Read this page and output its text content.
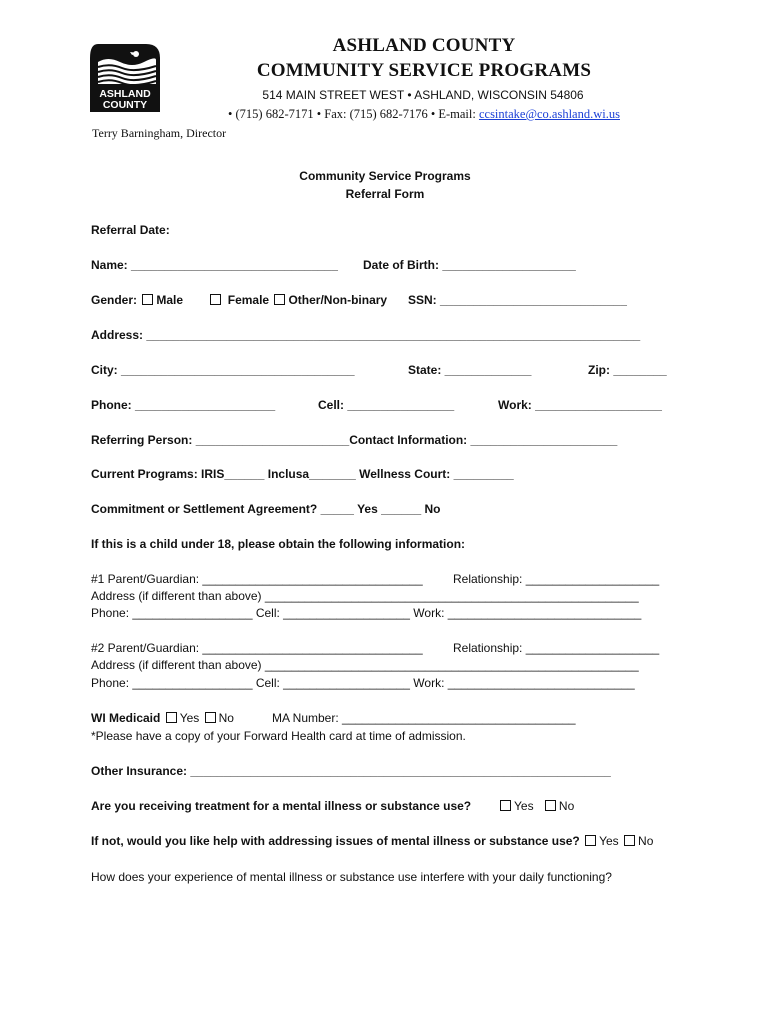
ASHLAND
COUNTY
ASHLAND COUNTY
COMMUNITY SERVICE PROGRAMS
514 MAIN STREET WEST • ASHLAND, WISCONSIN 54806
• (715) 682-7171 • Fax: (715) 682-7176 • E-mail: ccsintake@co.ashland.wi.us
Terry Barningham, Director
Community Service Programs
Referral Form
Referral Date:
Name: _______________________________ Date of Birth: ____________________
Gender: Male	Female Other/Non-binary SSN: ____________________________
Address: __________________________________________________________________________
City: ___________________________________	State: _____________	Zip: ________
Phone: _____________________	Cell: ________________	Work: ___________________
Referring Person: _______________________Contact Information: ______________________
Current Programs: IRIS______ Inclusa_______ Wellness Court: _________
Commitment or Settlement Agreement? _____ Yes ______ No
If this is a child under 18, please obtain the following information:
#1 Parent/Guardian: _________________________________	Relationship: ____________________
Address (if different than above) ________________________________________________________
Phone: __________________ Cell: ___________________ Work: _____________________________
#2 Parent/Guardian: _________________________________	Relationship: ____________________
Address (if different than above) ________________________________________________________
Phone: __________________ Cell: ___________________ Work: ____________________________
WI Medicaid Yes No	MA Number: ___________________________________
*Please have a copy of your Forward Health card at time of admission.
Other Insurance: _______________________________________________________________
Are you receiving treatment for a mental illness or substance use?	Yes No
If not, would you like help with addressing issues of mental illness or substance use? Yes No
How does your experience of mental illness or substance use interfere with your daily functioning?
